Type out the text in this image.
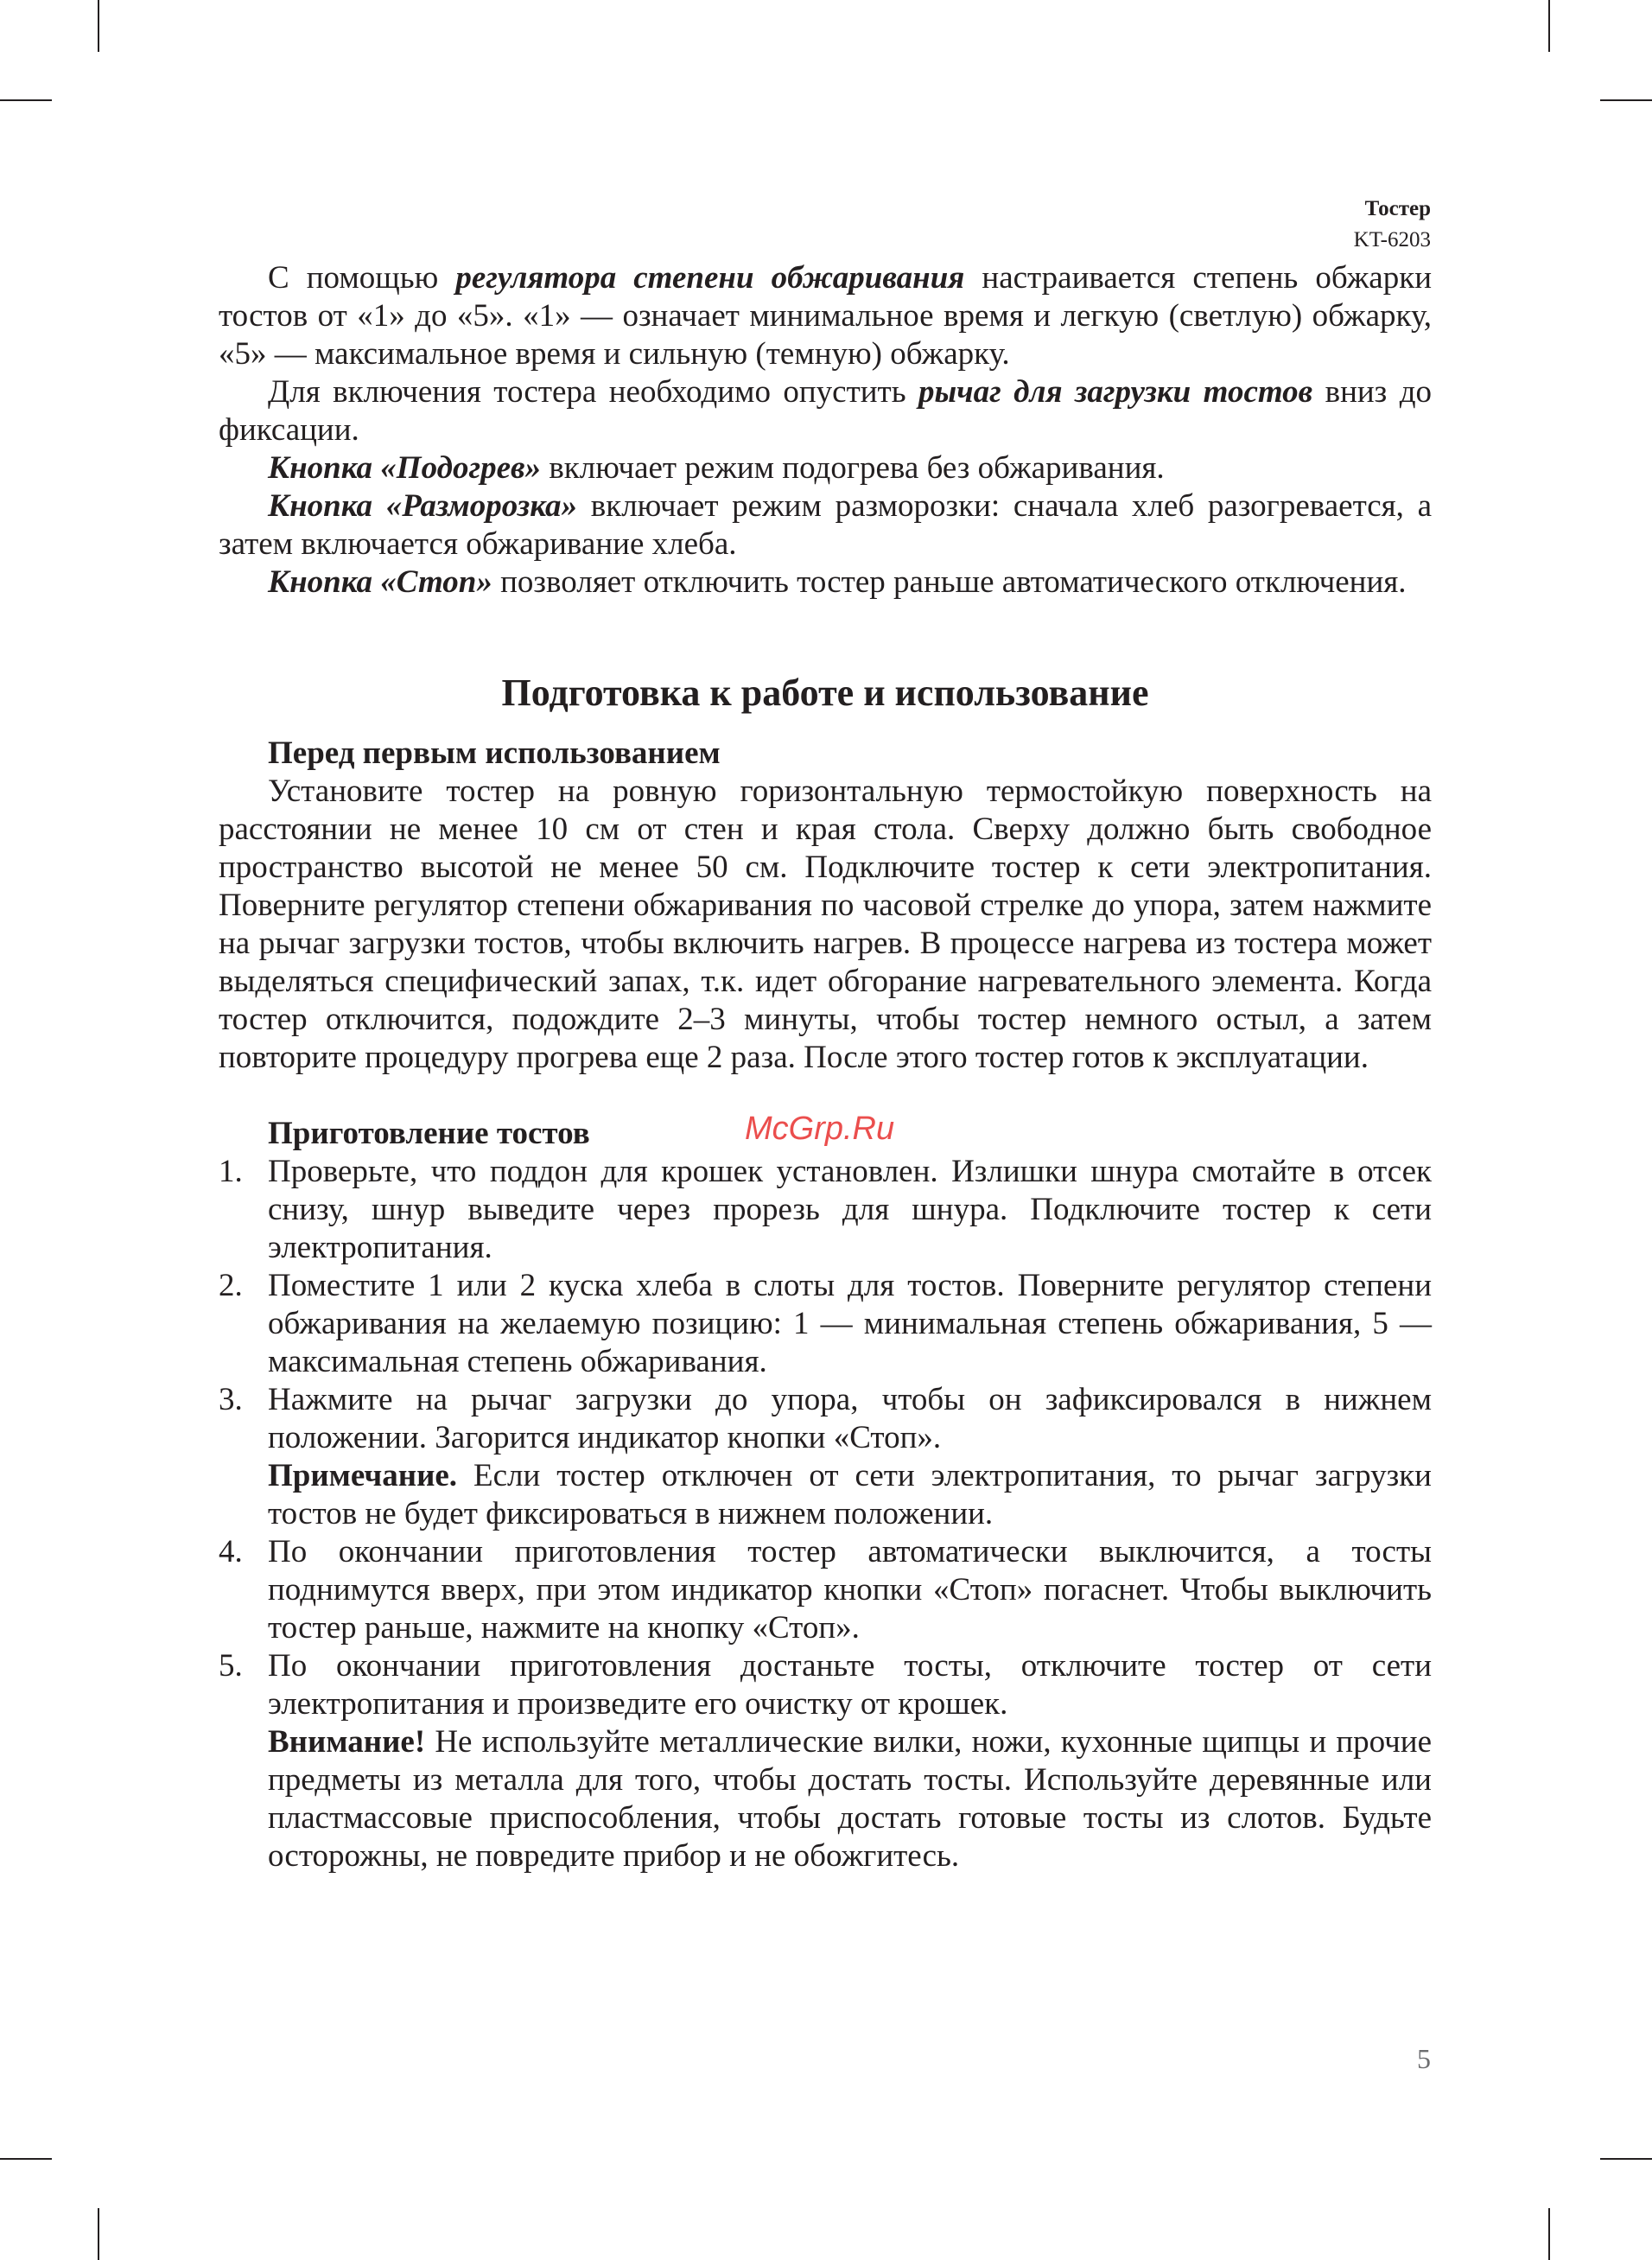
Тостер
KT-6203

С помощью регулятора степени обжаривания настраивается степень обжарки тостов от «1» до «5». «1» — означает минимальное время и легкую (светлую) обжарку, «5» — максимальное время и сильную (темную) обжарку.

Для включения тостера необходимо опустить рычаг для загрузки тостов вниз до фиксации.

Кнопка «Подогрев» включает режим подогрева без обжаривания.

Кнопка «Разморозка» включает режим разморозки: сначала хлеб разогревается, а затем включается обжаривание хлеба.

Кнопка «Стоп» позволяет отключить тостер раньше автоматического отключения.

Подготовка к работе и использование

Перед первым использованием

Установите тостер на ровную горизонтальную термостойкую поверхность на расстоянии не менее 10 см от стен и края стола. Сверху должно быть свободное пространство высотой не менее 50 см. Подключите тостер к сети электропитания. Поверните регулятор степени обжаривания по часовой стрелке до упора, затем нажмите на рычаг загрузки тостов, чтобы включить нагрев. В процессе нагрева из тостера может выделяться специфический запах, т.к. идет обгорание нагревательного элемента. Когда тостер отключится, подождите 2–3 минуты, чтобы тостер немного остыл, а затем повторите процедуру прогрева еще 2 раза. После этого тостер готов к эксплуатации.

Приготовление тостов

1. Проверьте, что поддон для крошек установлен. Излишки шнура смотайте в отсек снизу, шнур выведите через прорезь для шнура. Подключите тостер к сети электропитания.
2. Поместите 1 или 2 куска хлеба в слоты для тостов. Поверните регулятор степени обжаривания на желаемую позицию: 1 — минимальная степень обжаривания, 5 — максимальная степень обжаривания.
3. Нажмите на рычаг загрузки до упора, чтобы он зафиксировался в нижнем положении. Загорится индикатор кнопки «Стоп».
Примечание. Если тостер отключен от сети электропитания, то рычаг загрузки тостов не будет фиксироваться в нижнем положении.
4. По окончании приготовления тостер автоматически выключится, а тосты поднимутся вверх, при этом индикатор кнопки «Стоп» погаснет. Чтобы выключить тостер раньше, нажмите на кнопку «Стоп».
5. По окончании приготовления достаньте тосты, отключите тостер от сети электропитания и произведите его очистку от крошек.
Внимание! Не используйте металлические вилки, ножи, кухонные щипцы и прочие предметы из металла для того, чтобы достать тосты. Используйте деревянные или пластмассовые приспособления, чтобы достать готовые тосты из слотов. Будьте осторожны, не повредите прибор и не обожгитесь.
McGrp.Ru
5
